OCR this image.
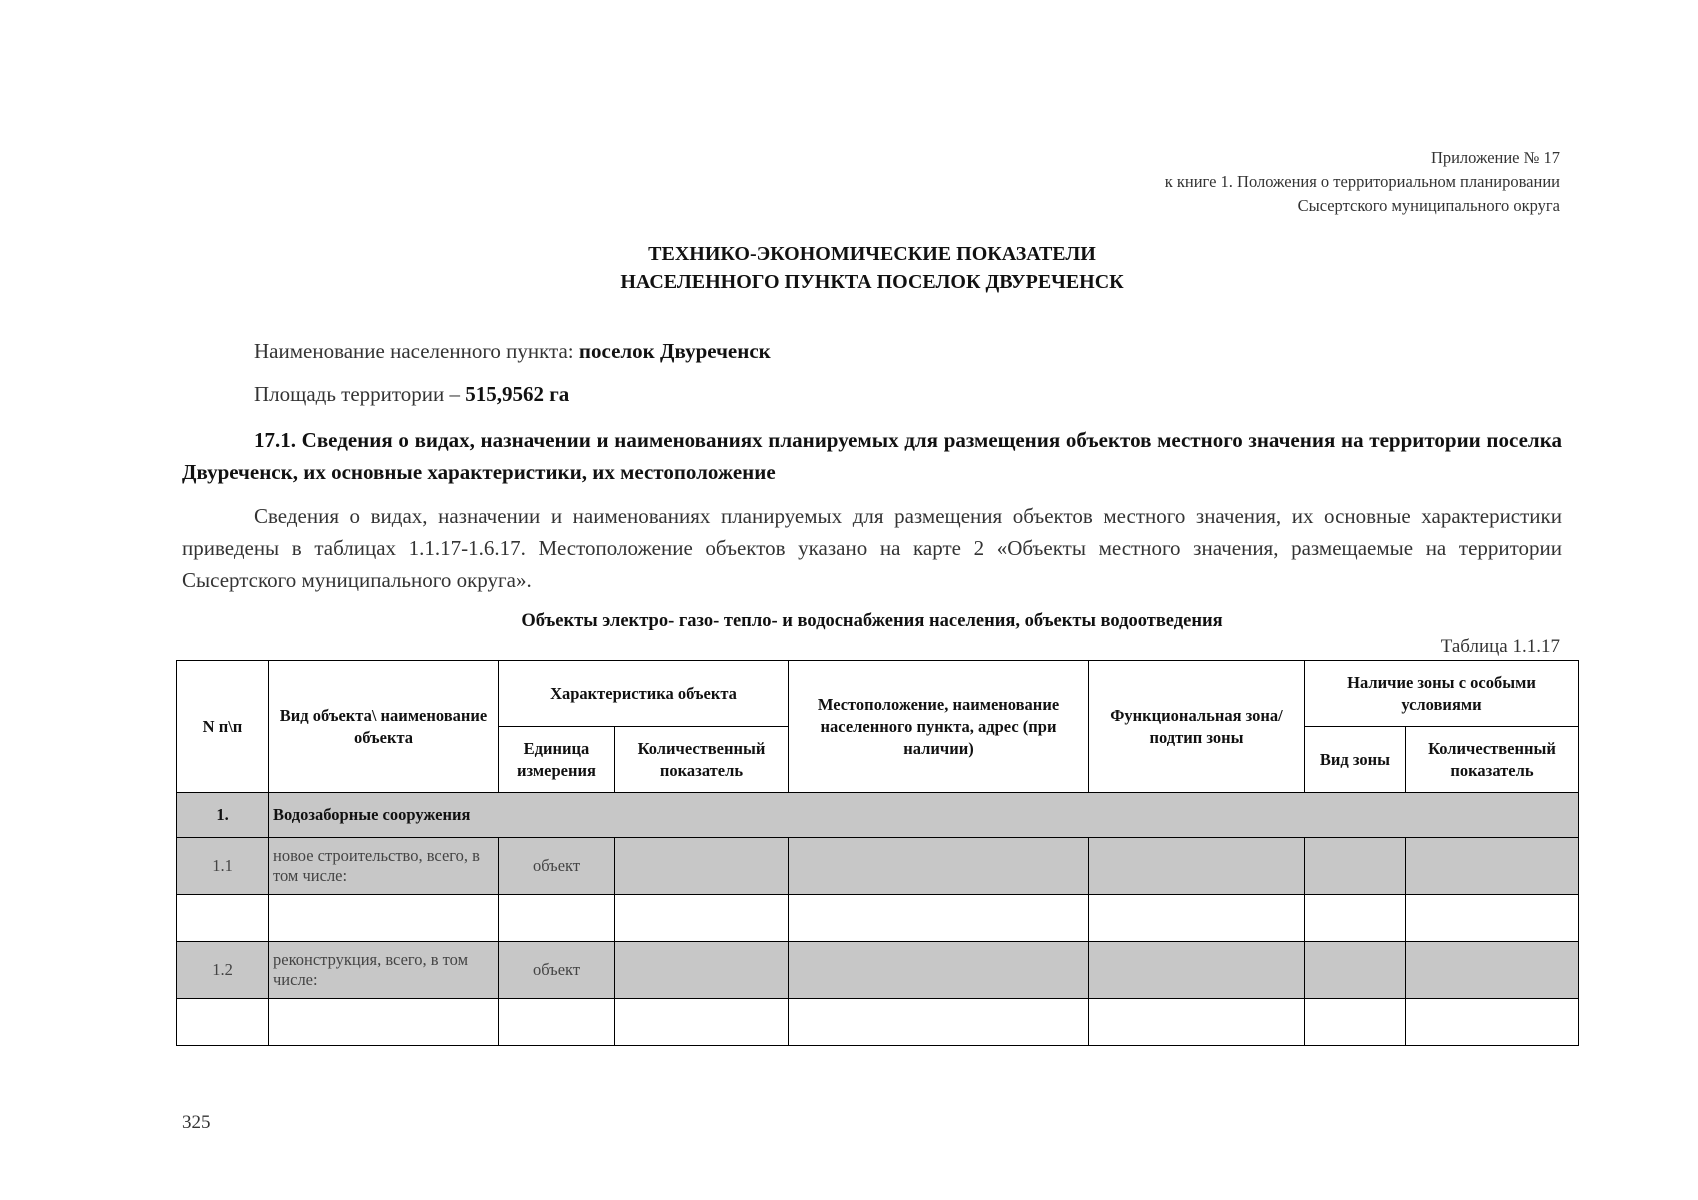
Приложение № 17
к книге 1. Положения о территориальном планировании
Сысертского муниципального округа
ТЕХНИКО-ЭКОНОМИЧЕСКИЕ ПОКАЗАТЕЛИ
НАСЕЛЕННОГО ПУНКТА ПОСЕЛОК ДВУРЕЧЕНСК
Наименование населенного пункта: поселок Двуреченск
Площадь территории – 515,9562 га
17.1. Сведения о видах, назначении и наименованиях планируемых для размещения объектов местного значения на территории поселка Двуреченск, их основные характеристики, их местоположение
Сведения о видах, назначении и наименованиях планируемых для размещения объектов местного значения, их основные характеристики приведены в таблицах 1.1.17-1.6.17. Местоположение объектов указано на карте 2 «Объекты местного значения, размещаемые на территории Сысертского муниципального округа».
Объекты электро- газо- тепло- и водоснабжения населения, объекты водоотведения
Таблица 1.1.17
N п\п	Вид объекта\ наименование объекта	Характеристика объекта		Местоположение, наименование населенного пункта, адрес (при наличии)	Функциональная зона/ подтип зоны	Наличие зоны с особыми условиями	
		Единица измерения	Количественный показатель			Вид зоны	Количественный показатель
1.	Водозаборные сооружения						
1.1	новое строительство, всего, в том числе:	объект					

1.2	реконструкция, всего, в том числе:	объект					

325
